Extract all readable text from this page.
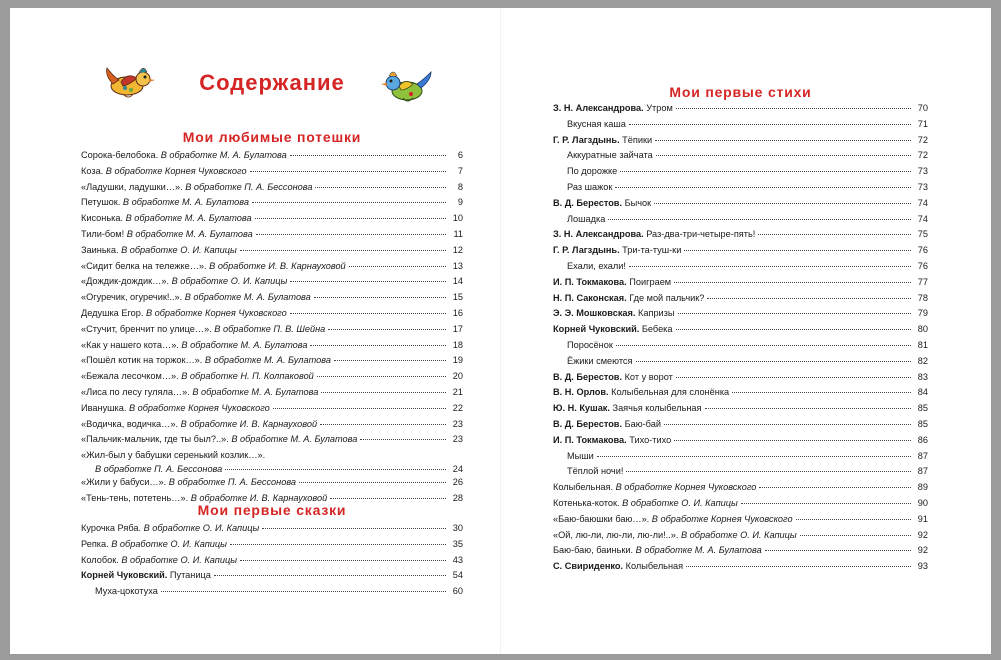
Содержание
Мои любимые потешки
Сорока-белобока. В обработке М. А. Булатова	6
Коза. В обработке Корнея Чуковского	7
«Ладушки, ладушки…». В обработке П. А. Бессонова	8
Петушок. В обработке М. А. Булатова	9
Кисонька. В обработке М. А. Булатова	10
Тили-бом! В обработке М. А. Булатова	11
Заинька. В обработке О. И. Капицы	12
«Сидит белка на тележке…». В обработке И. В. Карнауховой	13
«Дождик-дождик…». В обработке О. И. Капицы	14
«Огуречик, огуречик!..». В обработке М. А. Булатова	15
Дедушка Егор. В обработке Корнея Чуковского	16
«Стучит, бренчит по улице…». В обработке П. В. Шейна	17
«Как у нашего кота…». В обработке М. А. Булатова	18
«Пошёл котик на торжок…». В обработке М. А. Булатова	19
«Бежала лесочком…». В обработке Н. П. Колпаковой	20
«Лиса по лесу гуляла…». В обработке М. А. Булатова	21
Иванушка. В обработке Корнея Чуковского	22
«Водичка, водичка…». В обработке И. В. Карнауховой	23
«Пальчик-мальчик, где ты был?..». В обработке М. А. Булатова	23
«Жил-был у бабушки серенький козлик…».
В обработке П. А. Бессонова	24
«Жили у бабуси…». В обработке П. А. Бессонова	26
«Тень-тень, потетень…». В обработке И. В. Карнауховой	28
Мои первые сказки
Курочка Ряба. В обработке О. И. Капицы	30
Репка. В обработке О. И. Капицы	35
Колобок. В обработке О. И. Капицы	43
Корней Чуковский. Путаница	54
Муха-цокотуха	60
Мои первые стихи
З. Н. Александрова. Утром	70
Вкусная каша	71
Г. Р. Лагздынь. Тёпики	72
Аккуратные зайчата	72
По дорожке	73
Раз шажок	73
В. Д. Берестов. Бычок	74
Лошадка	74
З. Н. Александрова. Раз-два-три-четыре-пять!	75
Г. Р. Лагздынь. Три-та-туш-ки	76
Ехали, ехали!	76
И. П. Токмакова. Поиграем	77
Н. П. Саконская. Где мой пальчик?	78
Э. Э. Мошковская. Капризы	79
Корней Чуковский. Бебека	80
Поросёнок	81
Ёжики смеются	82
В. Д. Берестов. Кот у ворот	83
В. Н. Орлов. Колыбельная для слонёнка	84
Ю. Н. Кушак. Заячья колыбельная	85
В. Д. Берестов. Баю-бай	85
И. П. Токмакова. Тихо-тихо	86
Мыши	87
Тёплой ночи!	87
Колыбельная. В обработке Корнея Чуковского	89
Котенька-коток. В обработке О. И. Капицы	90
«Баю-баюшки баю…». В обработке Корнея Чуковского	91
«Ой, лю-ли, лю-ли, лю-ли!..». В обработке О. И. Капицы	92
Баю-баю, баиньки. В обработке М. А. Булатова	92
С. Свириденко. Колыбельная	93
